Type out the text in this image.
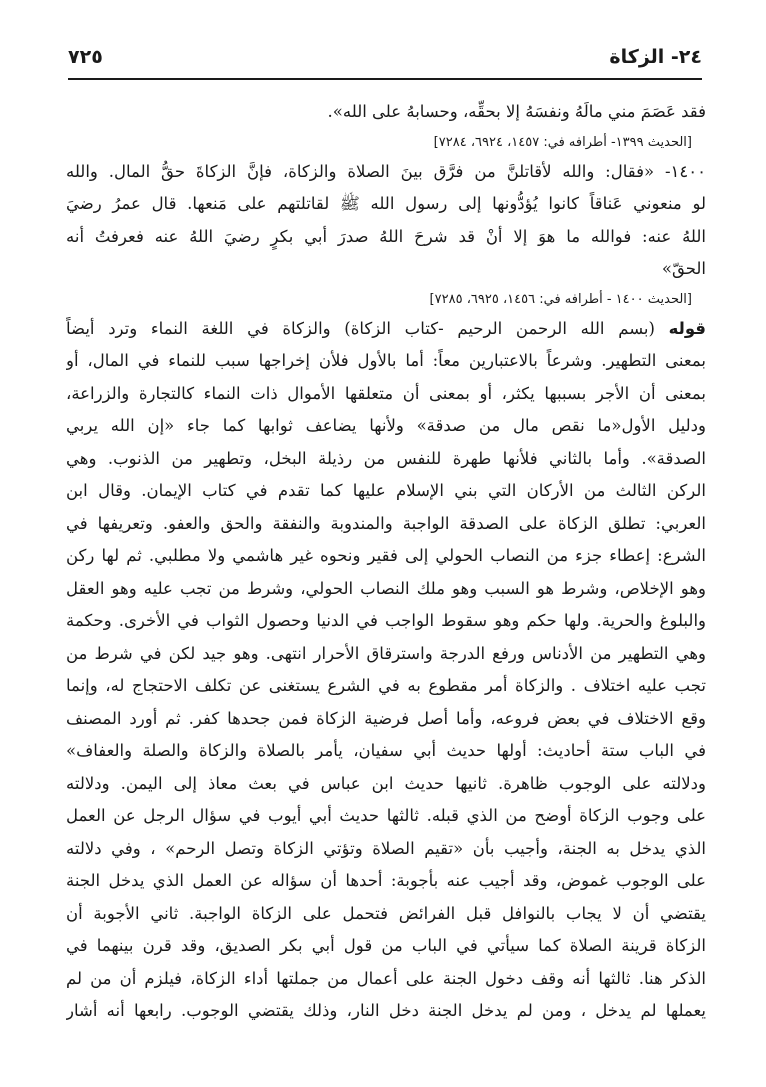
٢٤- الزكاة
٧٢٥
فقد عَصَمَ مني مالَهُ ونفسَهُ إلا بحقِّه، وحسابهُ على الله».
[الحديث ١٣٩٩- أطرافه في: ١٤٥٧، ٦٩٢٤، ٧٢٨٤]
١٤٠٠- «فقال: والله لأقاتلنَّ من فرَّق بينَ الصلاة والزكاة، فإنَّ الزكاةَ حقُّ المال. والله
لو منعوني عَناقاً كانوا يُؤدُّونها إلى رسول الله ﷺ لقاتلتهم على مَنعها. قال عمرُ رضيَ
اللهُ عنه: فوالله ما هوَ إلا أنْ قد شرحَ اللهُ صدرَ أبي بكرٍ رضيَ اللهُ عنه فعرفتُ أنه
الحقّ»
[الحديث ١٤٠٠ - أطرافه في: ١٤٥٦، ٦٩٢٥، ٧٢٨٥]
قوله (بسم الله الرحمن الرحيم -كتاب الزكاة) والزكاة في اللغة النماء وترد أيضاً
بمعنى التطهير. وشرعاً بالاعتبارين معاً: أما بالأول فلأن إخراجها سبب للنماء في المال، أو
بمعنى أن الأجر بسببها يكثر، أو بمعنى أن متعلقها الأموال ذات النماء كالتجارة والزراعة،
ودليل الأول«ما نقص مال من صدقة» ولأنها يضاعف ثوابها كما جاء «إن الله يربي
الصدقة». وأما بالثاني فلأنها طهرة للنفس من رذيلة البخل، وتطهير من الذنوب. وهي
الركن الثالث من الأركان التي بني الإسلام عليها كما تقدم في كتاب الإيمان. وقال ابن
العربي: تطلق الزكاة على الصدقة الواجبة والمندوبة والنفقة والحق والعفو. وتعريفها في
الشرع: إعطاء جزء من النصاب الحولي إلى فقير ونحوه غير هاشمي ولا مطلبي. ثم لها ركن
وهو الإخلاص، وشرط هو السبب وهو ملك النصاب الحولي، وشرط من تجب عليه وهو العقل
والبلوغ والحرية. ولها حكم وهو سقوط الواجب في الدنيا وحصول الثواب في الأخرى. وحكمة
وهي التطهير من الأدناس ورفع الدرجة واسترقاق الأحرار انتهى. وهو جيد لكن في شرط من
تجب عليه اختلاف . والزكاة أمر مقطوع به في الشرع يستغنى عن تكلف الاحتجاج له، وإنما
وقع الاختلاف في بعض فروعه، وأما أصل فرضية الزكاة فمن جحدها كفر. ثم أورد المصنف
في الباب ستة أحاديث: أولها حديث أبي سفيان، يأمر بالصلاة والزكاة والصلة والعفاف»
ودلالته على الوجوب ظاهرة. ثانيها حديث ابن عباس في بعث معاذ إلى اليمن. ودلالته
على وجوب الزكاة أوضح من الذي قبله. ثالثها حديث أبي أيوب في سؤال الرجل عن العمل
الذي يدخل به الجنة، وأجيب بأن «تقيم الصلاة وتؤتي الزكاة وتصل الرحم» ، وفي دلالته
على الوجوب غموض، وقد أجيب عنه بأجوبة: أحدها أن سؤاله عن العمل الذي يدخل الجنة
يقتضي أن لا يجاب بالنوافل قبل الفرائض فتحمل على الزكاة الواجبة. ثاني الأجوبة أن
الزكاة قرينة الصلاة كما سيأتي في الباب من قول أبي بكر الصديق، وقد قرن بينهما في
الذكر هنا. ثالثها أنه وقف دخول الجنة على أعمال من جملتها أداء الزكاة، فيلزم أن من لم
يعملها لم يدخل ، ومن لم يدخل الجنة دخل النار، وذلك يقتضي الوجوب. رابعها أنه أشار
